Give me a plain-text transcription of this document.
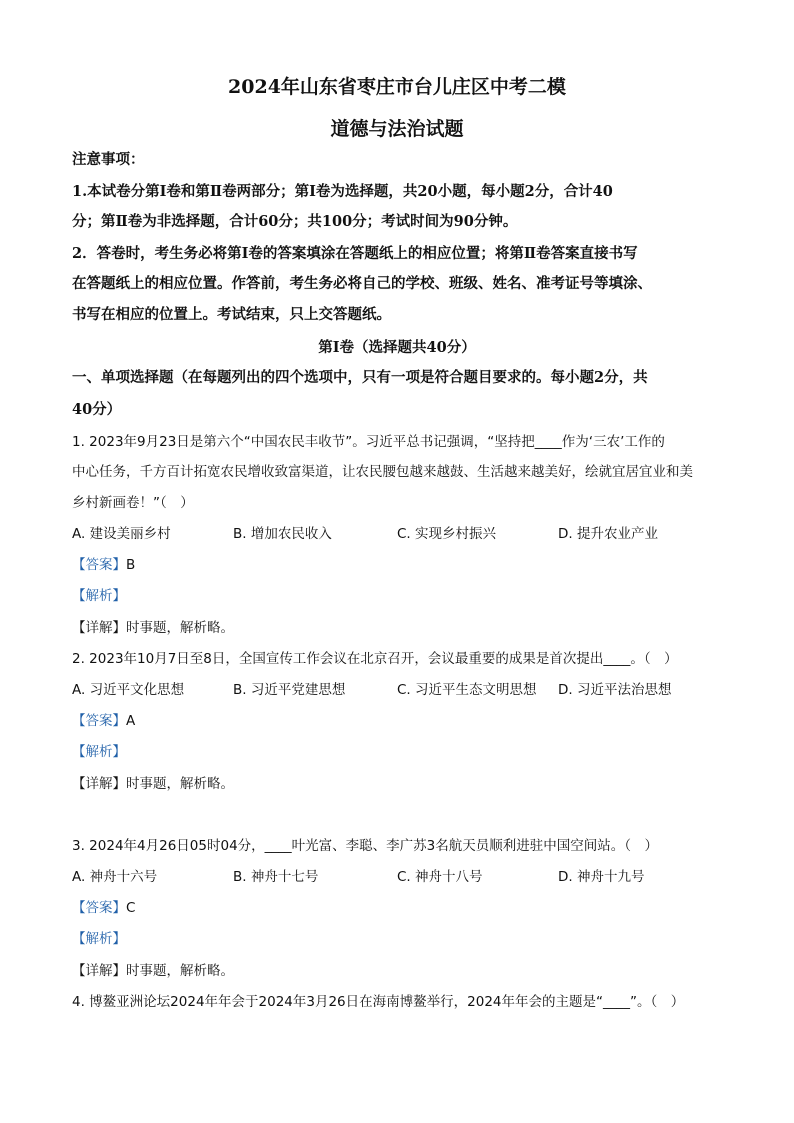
2024年山东省枣庄市台儿庄区中考二模
道德与法治试题
注意事项：
1.本试卷分第Ⅰ卷和第Ⅱ卷两部分；第Ⅰ卷为选择题，共20小题，每小题2分，合计40
分；第Ⅱ卷为非选择题，合计60分；共100分；考试时间为90分钟。
2．答卷时，考生务必将第Ⅰ卷的答案填涂在答题纸上的相应位置；将第Ⅱ卷答案直接书写
在答题纸上的相应位置。作答前，考生务必将自己的学校、班级、姓名、准考证号等填涂、
书写在相应的位置上。考试结束，只上交答题纸。
第Ⅰ卷（选择题共40分）
一、单项选择题（在每题列出的四个选项中，只有一项是符合题目要求的。每小题2分，共
40分）
1. 2023年9月23日是第六个“中国农民丰收节”。习近平总书记强调，“坚持把____作为‘三农’工作的
中心任务，千方百计拓宽农民增收致富渠道，让农民腰包越来越鼓、生活越来越美好，绘就宜居宜业和美
乡村新画卷！”（　）
A. 建设美丽乡村	B. 增加农民收入	C. 实现乡村振兴	D. 提升农业产业
【答案】B
【解析】
【详解】时事题，解析略。
2. 2023年10月7日至8日，全国宣传工作会议在北京召开，会议最重要的成果是首次提出____。（　）
A. 习近平文化思想	B. 习近平党建思想	C. 习近平生态文明思想 D. 习近平法治思想
【答案】A
【解析】
【详解】时事题，解析略。
3. 2024年4月26日05时04分，____叶光富、李聪、李广苏3名航天员顺利进驻中国空间站。（　）
A. 神舟十六号	B. 神舟十七号	C. 神舟十八号	D. 神舟十九号
【答案】C
【解析】
【详解】时事题，解析略。
4. 博鳌亚洲论坛2024年年会于2024年3月26日在海南博鳌举行，2024年年会的主题是“____”。（　）
